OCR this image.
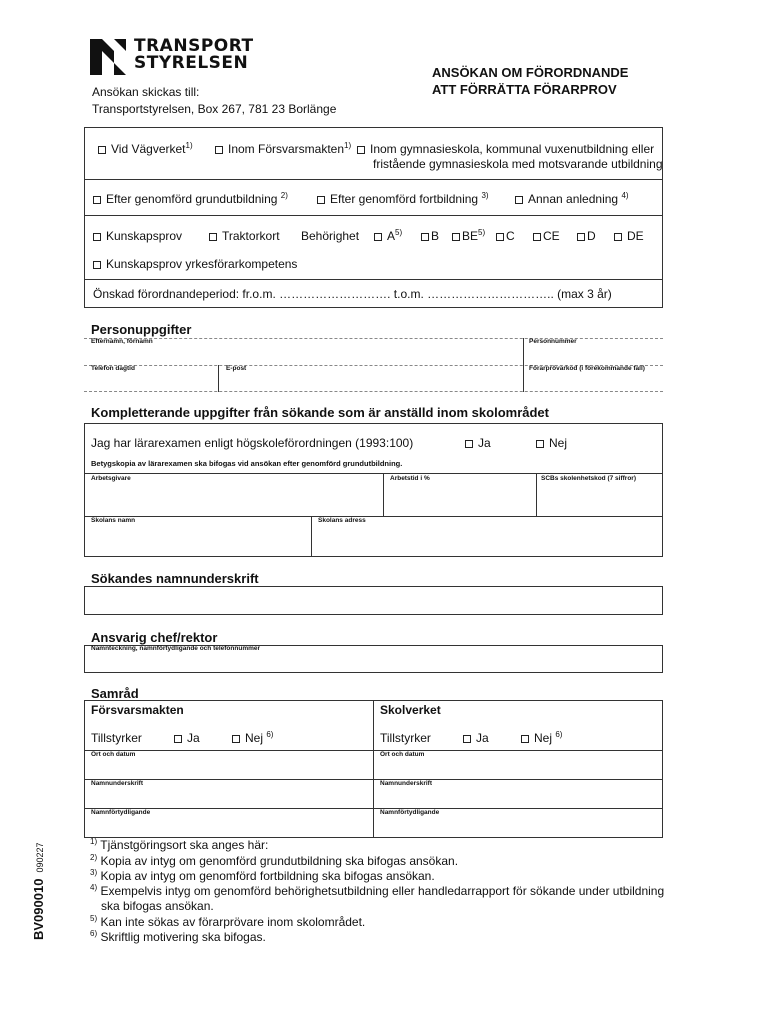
TRANSPORT
STYRELSEN
Ansökan skickas till:
Transportstyrelsen, Box 267, 781 23 Borlänge
ANSÖKAN OM FÖRORDNANDE
ATT FÖRRÄTTA FÖRARPROV
Vid Vägverket$^{1)}$	Inom Försvarsmakten$^{1)}$	Inom gymnasieskola, kommunal vuxenutbildning eller
fristående gymnasieskola med motsvarande utbildning
Efter genomförd grundutbildning $^{2)}$	Efter genomförd fortbildning $^{3)}$	Annan anledning $^{4)}$
Kunskapsprov	Traktorkort Behörighet	$A^{5)}$	B	BE$^{5)}$	C	CE	D	DE
Kunskapsprov yrkesförarkompetens
Önskad förordnandeperiod: fr.o.m. ………………………. t.o.m. ………………………….. (max 3 år)
Personuppgifter
Efternamn, förnamn	Personnummer
Telefon dagtid	E-post	Förarprövarkod (i förekommande fall)
Kompletterande uppgifter från sökande som är anställd inom skolområdet
Jag har lärarexamen enligt högskoleförordningen (1993:100)	Ja	Nej
Betygskopia av lärarexamen ska bifogas vid ansökan efter genomförd grundutbildning.
Arbetsgivare	Arbetstid i %	SCBs skolenhetskod (7 siffror)
Skolans namn	Skolans adress
Sökandes namnunderskrift
Ansvarig chef/rektor
Namnteckning, namnförtydligande och telefonnummer
Samråd
Försvarsmakten
Tillstyrker	Ja	Nej $^{6)}$
Ort och datum
Namnunderskrift
Namnförtydligande
Skolverket
Tillstyrker	Ja	Nej $^{6)}$
Ort och datum
Namnunderskrift
Namnförtydligande
$^{1)}$ Tjänstgöringsort ska anges här:
$^{2)}$ Kopia av intyg om genomförd grundutbildning ska bifogas ansökan.
$^{3)}$ Kopia av intyg om genomförd fortbildning ska bifogas ansökan.
$^{4)}$ Exempelvis intyg om genomförd behörighetsutbildning eller handledarrapport för sökande under utbildning
ska bifogas ansökan.
$^{5)}$ Kan inte sökas av förarprövare inom skolområdet.
$^{6)}$ Skriftlig motivering ska bifogas.
BV090010090227
